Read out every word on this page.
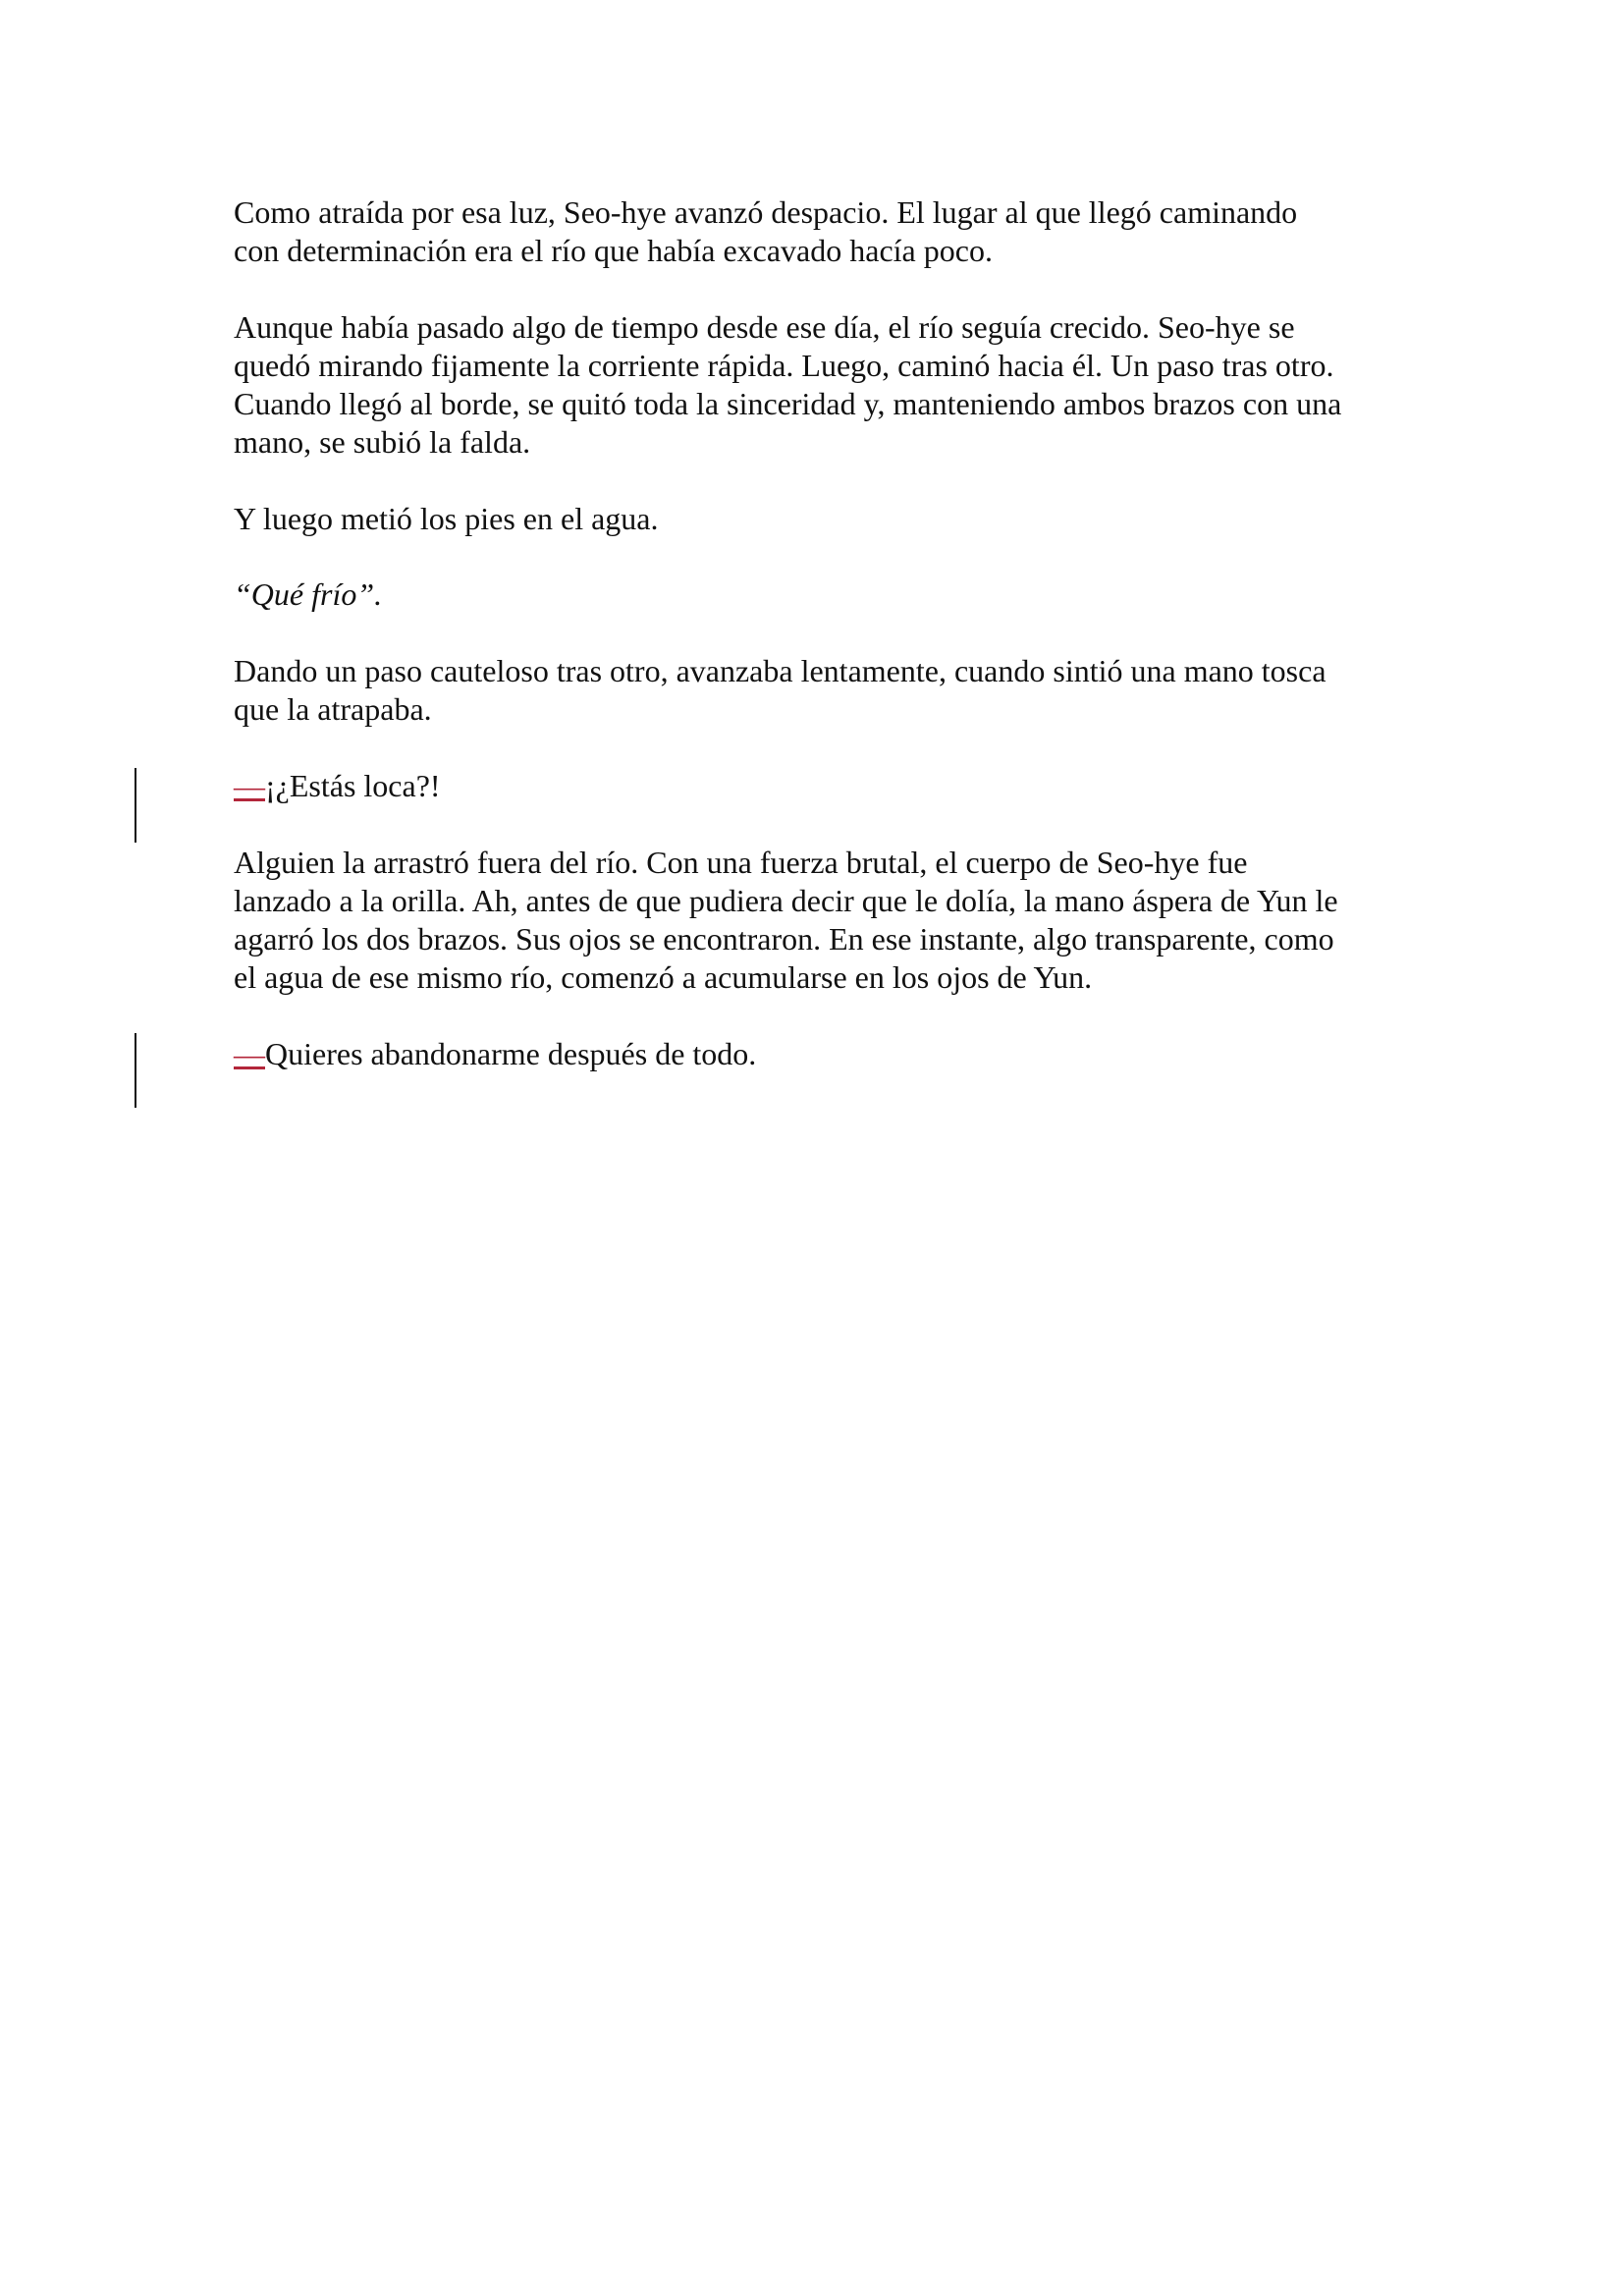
Como atraída por esa luz, Seo-hye avanzó despacio. El lugar al que llegó caminando
con determinación era el río que había excavado hacía poco.

Aunque había pasado algo de tiempo desde ese día, el río seguía crecido. Seo-hye se
quedó mirando fijamente la corriente rápida. Luego, caminó hacia él. Un paso tras otro.
Cuando llegó al borde, se quitó toda la sinceridad y, manteniendo ambos brazos con una
mano, se subió la falda.

Y luego metió los pies en el agua.

“Qué frío”.

Dando un paso cauteloso tras otro, avanzaba lentamente, cuando sintió una mano tosca
que la atrapaba.

—¡¿Estás loca?!

Alguien la arrastró fuera del río. Con una fuerza brutal, el cuerpo de Seo-hye fue
lanzado a la orilla. Ah, antes de que pudiera decir que le dolía, la mano áspera de Yun le
agarró los dos brazos. Sus ojos se encontraron. En ese instante, algo transparente, como
el agua de ese mismo río, comenzó a acumularse en los ojos de Yun.

—Quieres abandonarme después de todo.
